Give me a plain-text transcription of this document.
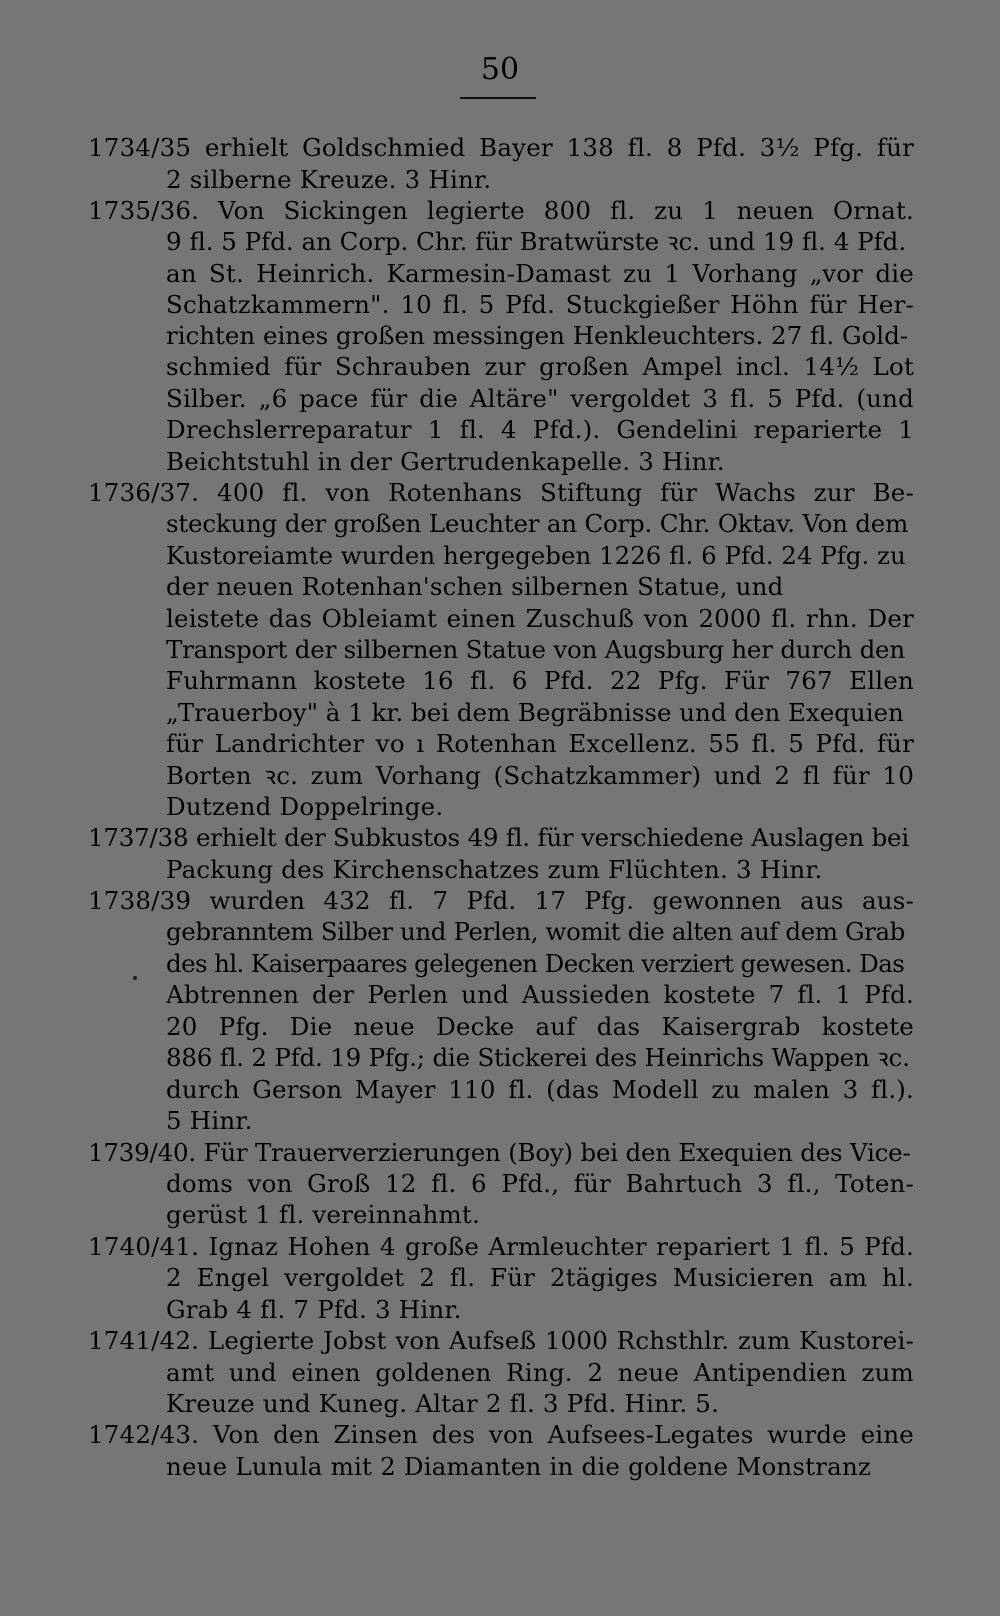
50
1734/35 erhielt Goldschmied Bayer 138 fl. 8 Pfd. 3½ Pfg. für
2 silberne Kreuze. 3 Hinr.
1735/36. Von Sickingen legierte 800 fl. zu 1 neuen Ornat.
9 fl. 5 Pfd. an Corp. Chr. für Bratwürste ꝛc. und 19 fl. 4 Pfd.
an St. Heinrich. Karmesin-Damast zu 1 Vorhang „vor die
Schatzkammern". 10 fl. 5 Pfd. Stuckgießer Höhn für Her-
richten eines großen messingen Henkleuchters. 27 fl. Gold-
schmied für Schrauben zur großen Ampel incl. 14½ Lot
Silber. „6 pace für die Altäre" vergoldet 3 fl. 5 Pfd. (und
Drechslerreparatur 1 fl. 4 Pfd.). Gendelini reparierte 1
Beichtstuhl in der Gertrudenkapelle. 3 Hinr.
1736/37. 400 fl. von Rotenhans Stiftung für Wachs zur Be-
steckung der großen Leuchter an Corp. Chr. Oktav. Von dem
Kustoreiamte wurden hergegeben 1226 fl. 6 Pfd. 24 Pfg. zu
der neuen Rotenhan'schen silbernen Statue, und
leistete das Obleiamt einen Zuschuß von 2000 fl. rhn. Der
Transport der silbernen Statue von Augsburg her durch den
Fuhrmann kostete 16 fl. 6 Pfd. 22 Pfg. Für 767 Ellen
„Trauerboy" à 1 kr. bei dem Begräbnisse und den Exequien
für Landrichter vo ı Rotenhan Excellenz. 55 fl. 5 Pfd. für
Borten ꝛc. zum Vorhang (Schatzkammer) und 2 fl für 10
Dutzend Doppelringe.
1737/38 erhielt der Subkustos 49 fl. für verschiedene Auslagen bei
Packung des Kirchenschatzes zum Flüchten. 3 Hinr.
1738/39 wurden 432 fl. 7 Pfd. 17 Pfg. gewonnen aus aus-
gebranntem Silber und Perlen, womit die alten auf dem Grab
des hl. Kaiserpaares gelegenen Decken verziert gewesen. Das
Abtrennen der Perlen und Aussieden kostete 7 fl. 1 Pfd.
20 Pfg. Die neue Decke auf das Kaisergrab kostete
886 fl. 2 Pfd. 19 Pfg.; die Stickerei des Heinrichs Wappen ꝛc.
durch Gerson Mayer 110 fl. (das Modell zu malen 3 fl.).
5 Hinr.
1739/40. Für Trauerverzierungen (Boy) bei den Exequien des Vice-
doms von Groß 12 fl. 6 Pfd., für Bahrtuch 3 fl., Toten-
gerüst 1 fl. vereinnahmt.
1740/41. Ignaz Hohen 4 große Armleuchter repariert 1 fl. 5 Pfd.
2 Engel vergoldet 2 fl. Für 2tägiges Musicieren am hl.
Grab 4 fl. 7 Pfd. 3 Hinr.
1741/42. Legierte Jobst von Aufseß 1000 Rchsthlr. zum Kustorei-
amt und einen goldenen Ring. 2 neue Antipendien zum
Kreuze und Kuneg. Altar 2 fl. 3 Pfd. Hinr. 5.
1742/43. Von den Zinsen des von Aufsees-Legates wurde eine
neue Lunula mit 2 Diamanten in die goldene Monstranz
